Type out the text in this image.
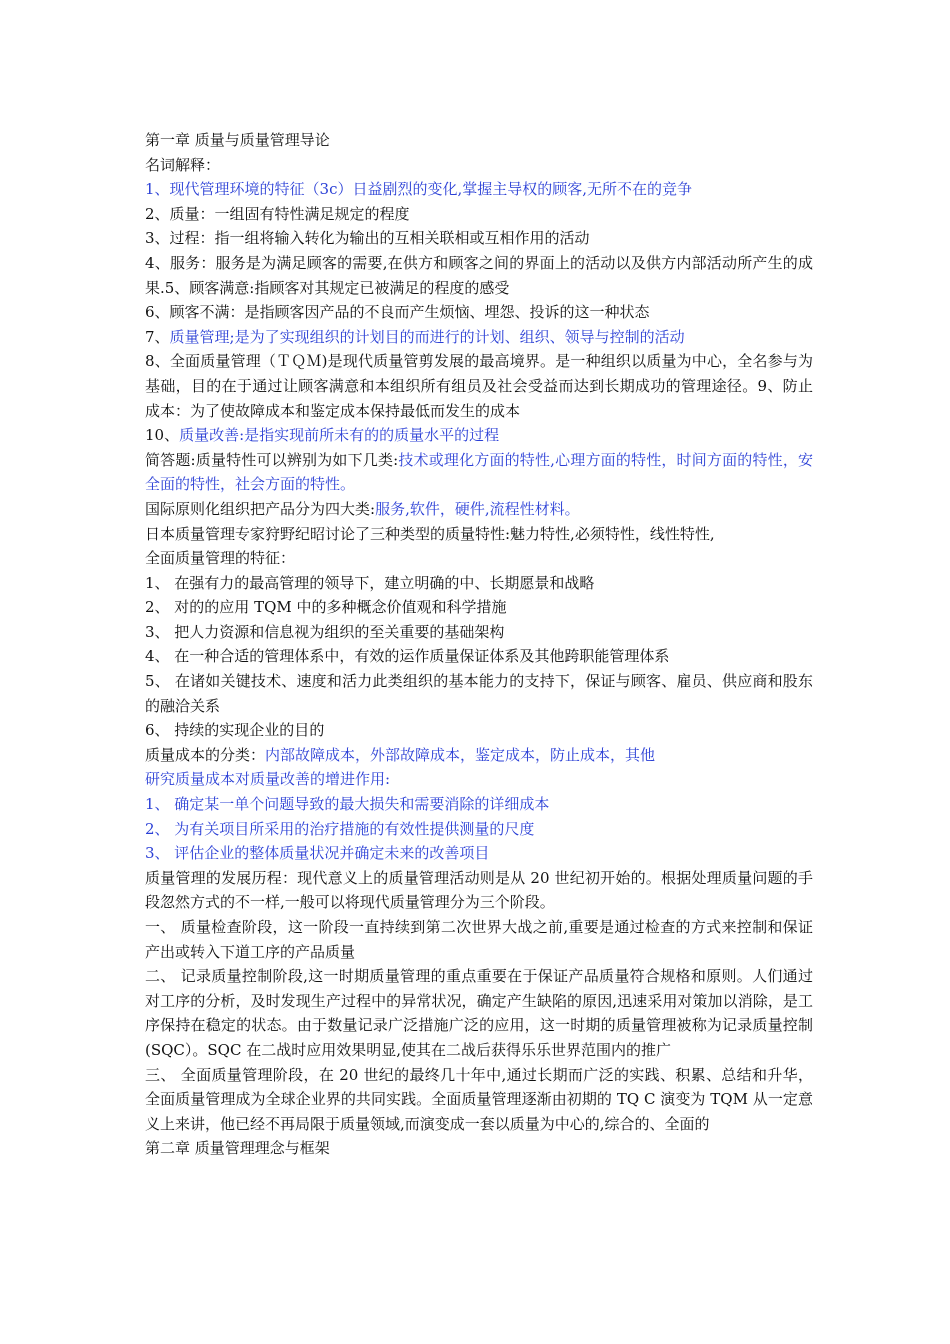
第一章 质量与质量管理导论
名词解释：
1、现代管理环境的特征（3c）日益剧烈的变化,掌握主导权的顾客,无所不在的竞争
2、质量：一组固有特性满足规定的程度
3、过程：指一组将输入转化为输出的互相关联相或互相作用的活动
4、服务：服务是为满足顾客的需要,在供方和顾客之间的界面上的活动以及供方内部活动所产生的成果.5、顾客满意:指顾客对其规定已被满足的程度的感受
6、顾客不满：是指顾客因产品的不良而产生烦恼、埋怨、投诉的这一种状态
7、质量管理;是为了实现组织的计划目的而进行的计划、组织、领导与控制的活动
8、全面质量管理（ＴＱＭ)是现代质量管剪发展的最高境界。是一种组织以质量为中心，全名参与为基础，目的在于通过让顾客满意和本组织所有组员及社会受益而达到长期成功的管理途径。9、防止成本：为了使故障成本和鉴定成本保持最低而发生的成本
10、质量改善:是指实现前所未有的的质量水平的过程
简答题:质量特性可以辨别为如下几类:技术或理化方面的特性,心理方面的特性，时间方面的特性，安全面的特性，社会方面的特性。
国际原则化组织把产品分为四大类:服务,软件，硬件,流程性材料。
日本质量管理专家狩野纪昭讨论了三种类型的质量特性:魅力特性,必须特性，线性特性,
全面质量管理的特征：
1、 在强有力的最高管理的领导下，建立明确的中、长期愿景和战略
2、 对的的应用 TQM 中的多种概念价值观和科学措施
3、 把人力资源和信息视为组织的至关重要的基础架构
4、 在一种合适的管理体系中，有效的运作质量保证体系及其他跨职能管理体系
5、 在诸如关键技术、速度和活力此类组织的基本能力的支持下，保证与顾客、雇员、供应商和股东的融洽关系
6、 持续的实现企业的目的
质量成本的分类：内部故障成本，外部故障成本，鉴定成本，防止成本，其他
研究质量成本对质量改善的增进作用:
1、 确定某一单个问题导致的最大损失和需要消除的详细成本
2、 为有关项目所采用的治疗措施的有效性提供测量的尺度
3、 评估企业的整体质量状况并确定未来的改善项目
质量管理的发展历程：现代意义上的质量管理活动则是从 20 世纪初开始的。根据处理质量问题的手段忽然方式的不一样,一般可以将现代质量管理分为三个阶段。
一、 质量检查阶段，这一阶段一直持续到第二次世界大战之前,重要是通过检查的方式来控制和保证产出或转入下道工序的产品质量
二、 记录质量控制阶段,这一时期质量管理的重点重要在于保证产品质量符合规格和原则。人们通过对工序的分析，及时发现生产过程中的异常状况，确定产生缺陷的原因,迅速采用对策加以消除，是工序保持在稳定的状态。由于数量记录广泛措施广泛的应用，这一时期的质量管理被称为记录质量控制(SQC）。SQC 在二战时应用效果明显,使其在二战后获得乐乐世界范围内的推广
三、 全面质量管理阶段，在 20 世纪的最终几十年中,通过长期而广泛的实践、积累、总结和升华，全面质量管理成为全球企业界的共同实践。全面质量管理逐渐由初期的 TQ C 演变为 TQM 从一定意义上来讲，他已经不再局限于质量领域,而演变成一套以质量为中心的,综合的、全面的
第二章 质量管理理念与框架
